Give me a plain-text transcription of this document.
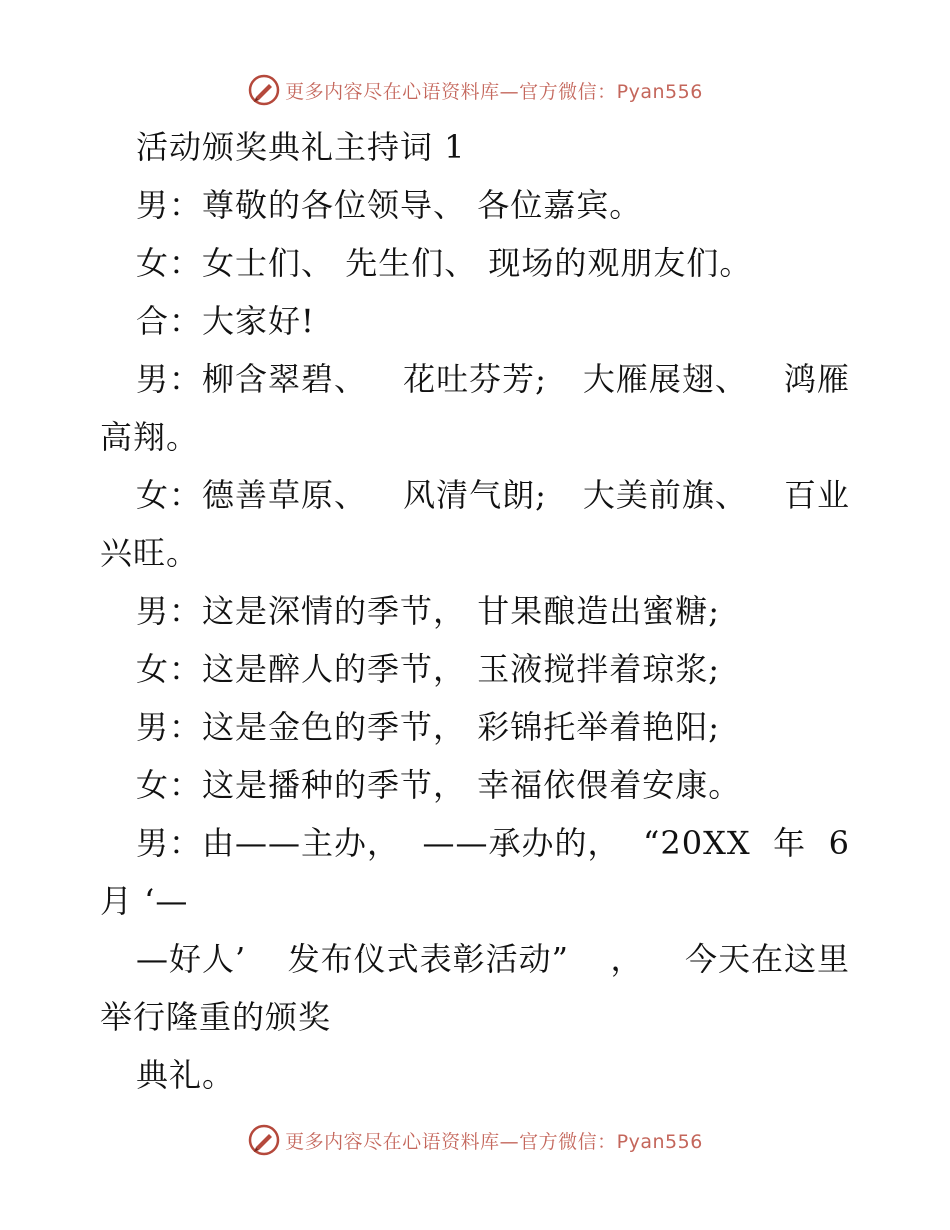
更多内容尽在心语资料库—官方微信：Pyan556
活动颁奖典礼主持词 1
男：尊敬的各位领导、 各位嘉宾。
女：女士们、 先生们、 现场的观朋友们。
合：大家好!
男：柳含翠碧、 花吐芬芳; 大雁展翅、 鸿雁
高翔。
女：德善草原、 风清气朗; 大美前旗、 百业
兴旺。
男：这是深情的季节， 甘果酿造出蜜糖;
女：这是醉人的季节， 玉液搅拌着琼浆;
男：这是金色的季节， 彩锦托举着艳阳;
女：这是播种的季节， 幸福依偎着安康。
男：由——主办， ——承办的， “20XX 年 6
月 ‘—
—好人’ 发布仪式表彰活动” ， 今天在这里
举行隆重的颁奖
典礼。
更多内容尽在心语资料库—官方微信：Pyan556
